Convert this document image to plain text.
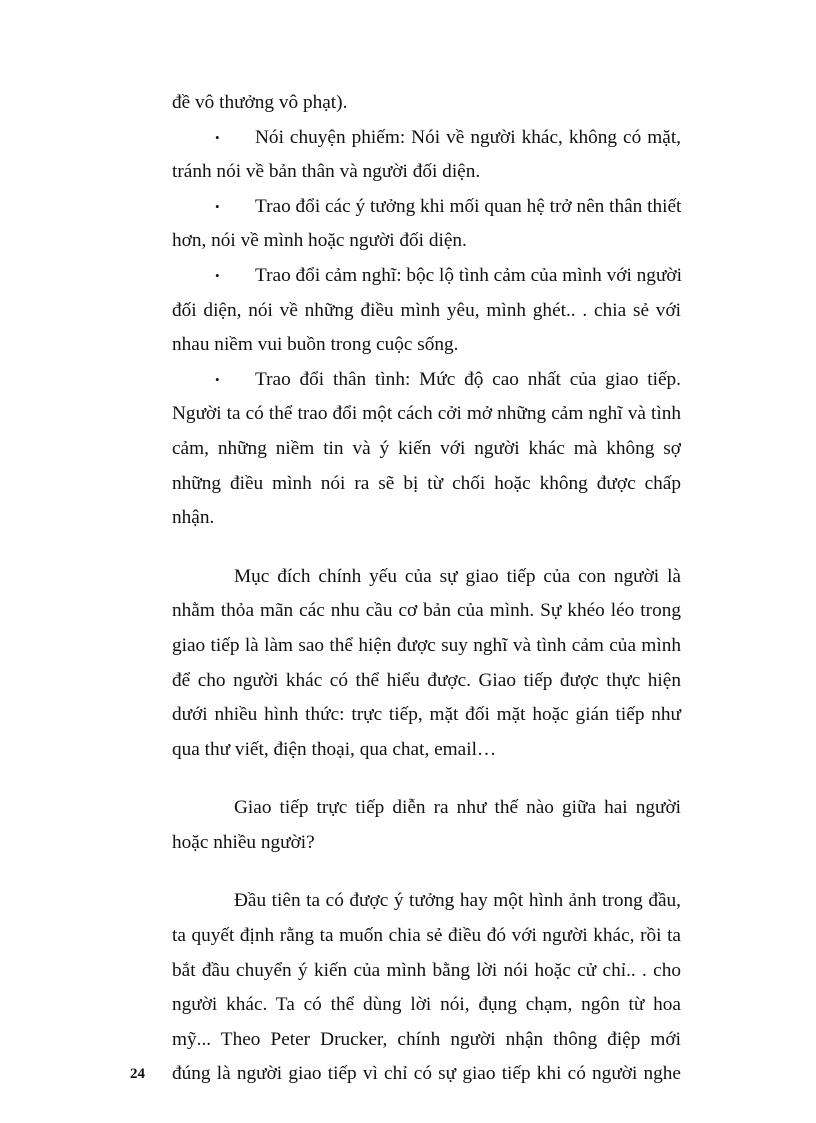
đề vô thưởng vô phạt).
• Nói chuyện phiếm: Nói về người khác, không có mặt,
tránh nói về bản thân và người đối diện.
• Trao đổi các ý tưởng khi mối quan hệ trở nên thân thiết
hơn, nói về mình hoặc người đối diện.
• Trao đổi cảm nghĩ: bộc lộ tình cảm của mình với người
đối diện, nói về những điều mình yêu, mình ghét.. . chia sẻ với
nhau niềm vui buồn trong cuộc sống.
• Trao đổi thân tình: Mức độ cao nhất của giao tiếp.
Người ta có thể trao đổi một cách cởi mở những cảm nghĩ và tình
cảm, những niềm tin và ý kiến với người khác mà không sợ
những điều mình nói ra sẽ bị từ chối hoặc không được chấp
nhận.
Mục đích chính yếu của sự giao tiếp của con người là
nhằm thỏa mãn các nhu cầu cơ bản của mình. Sự khéo léo trong
giao tiếp là làm sao thể hiện được suy nghĩ và tình cảm của mình
để cho người khác có thể hiểu được. Giao tiếp được thực hiện
dưới nhiều hình thức: trực tiếp, mặt đối mặt hoặc gián tiếp như
qua thư viết, điện thoại, qua chat, email…
Giao tiếp trực tiếp diễn ra như thế nào giữa hai người
hoặc nhiều người?
Đầu tiên ta có được ý tưởng hay một hình ảnh trong đầu,
ta quyết định rằng ta muốn chia sẻ điều đó với người khác, rồi ta
bắt đầu chuyển ý kiến của mình bằng lời nói hoặc cử chỉ.. . cho
người khác. Ta có thể dùng lời nói, đụng chạm, ngôn từ hoa
mỹ... Theo Peter Drucker, chính người nhận thông điệp mới
đúng là người giao tiếp vì chỉ có sự giao tiếp khi có người nghe
24
